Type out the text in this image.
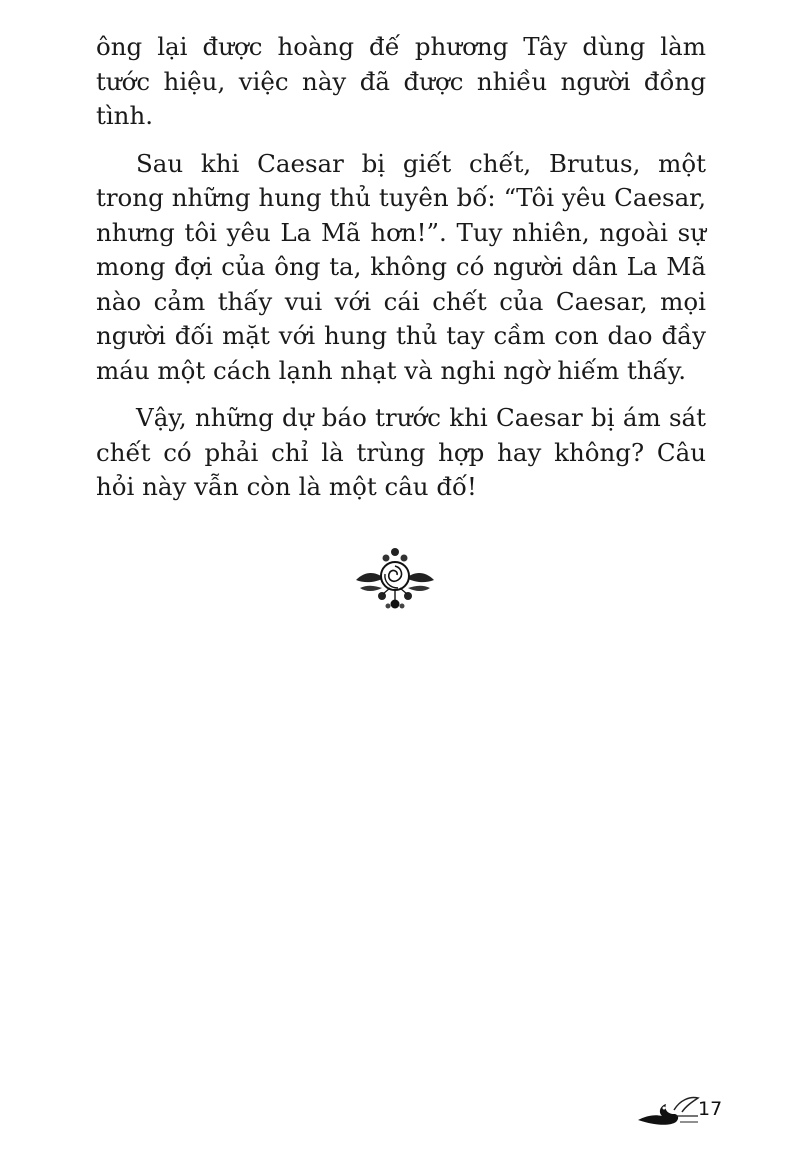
ông lại được hoàng đế phương Tây dùng làm tước hiệu, việc này đã được nhiều người đồng tình.

Sau khi Caesar bị giết chết, Brutus, một trong những hung thủ tuyên bố: “Tôi yêu Caesar, nhưng tôi yêu La Mã hơn!”. Tuy nhiên, ngoài sự mong đợi của ông ta, không có người dân La Mã nào cảm thấy vui với cái chết của Caesar, mọi người đối mặt với hung thủ tay cầm con dao đầy máu một cách lạnh nhạt và nghi ngờ hiếm thấy.

Vậy, những dự báo trước khi Caesar bị ám sát chết có phải chỉ là trùng hợp hay không? Câu hỏi này vẫn còn là một câu đố!

17
